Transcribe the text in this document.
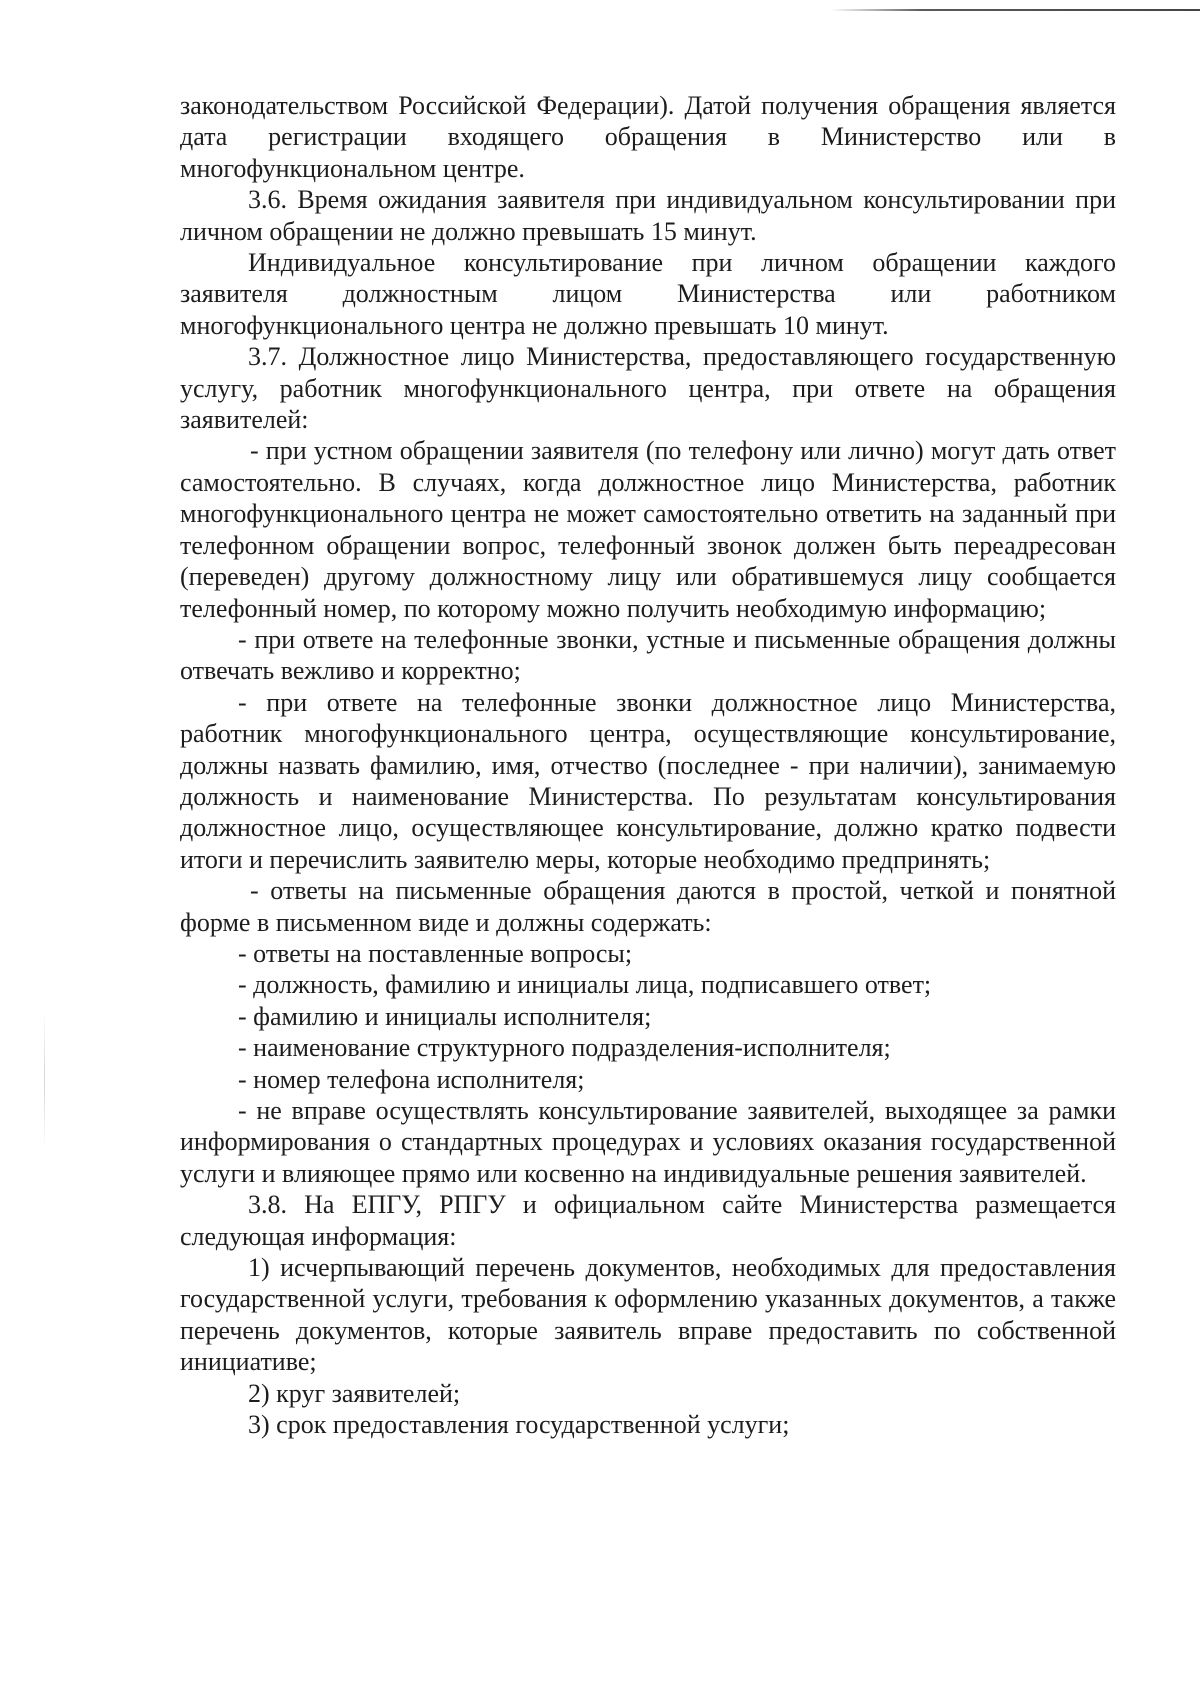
законодательством Российской Федерации). Датой получения обращения является дата регистрации входящего обращения в Министерство или в многофункциональном центре.

3.6. Время ожидания заявителя при индивидуальном консультировании при личном обращении не должно превышать 15 минут.

Индивидуальное консультирование при личном обращении каждого заявителя должностным лицом Министерства или работником многофункционального центра не должно превышать 10 минут.

3.7. Должностное лицо Министерства, предоставляющего государственную услугу, работник многофункционального центра, при ответе на обращения заявителей:

- при устном обращении заявителя (по телефону или лично) могут дать ответ самостоятельно. В случаях, когда должностное лицо Министерства, работник многофункционального центра не может самостоятельно ответить на заданный при телефонном обращении вопрос, телефонный звонок должен быть переадресован (переведен) другому должностному лицу или обратившемуся лицу сообщается телефонный номер, по которому можно получить необходимую информацию;

- при ответе на телефонные звонки, устные и письменные обращения должны отвечать вежливо и корректно;

- при ответе на телефонные звонки должностное лицо Министерства, работник многофункционального центра, осуществляющие консультирование, должны назвать фамилию, имя, отчество (последнее - при наличии), занимаемую должность и наименование Министерства. По результатам консультирования должностное лицо, осуществляющее консультирование, должно кратко подвести итоги и перечислить заявителю меры, которые необходимо предпринять;

- ответы на письменные обращения даются в простой, четкой и понятной форме в письменном виде и должны содержать:

- ответы на поставленные вопросы;

- должность, фамилию и инициалы лица, подписавшего ответ;

- фамилию и инициалы исполнителя;

- наименование структурного подразделения-исполнителя;

- номер телефона исполнителя;

- не вправе осуществлять консультирование заявителей, выходящее за рамки информирования о стандартных процедурах и условиях оказания государственной услуги и влияющее прямо или косвенно на индивидуальные решения заявителей.

3.8. На ЕПГУ, РПГУ и официальном сайте Министерства размещается следующая информация:

1) исчерпывающий перечень документов, необходимых для предоставления государственной услуги, требования к оформлению указанных документов, а также перечень документов, которые заявитель вправе предоставить по собственной инициативе;

2) круг заявителей;

3) срок предоставления государственной услуги;
